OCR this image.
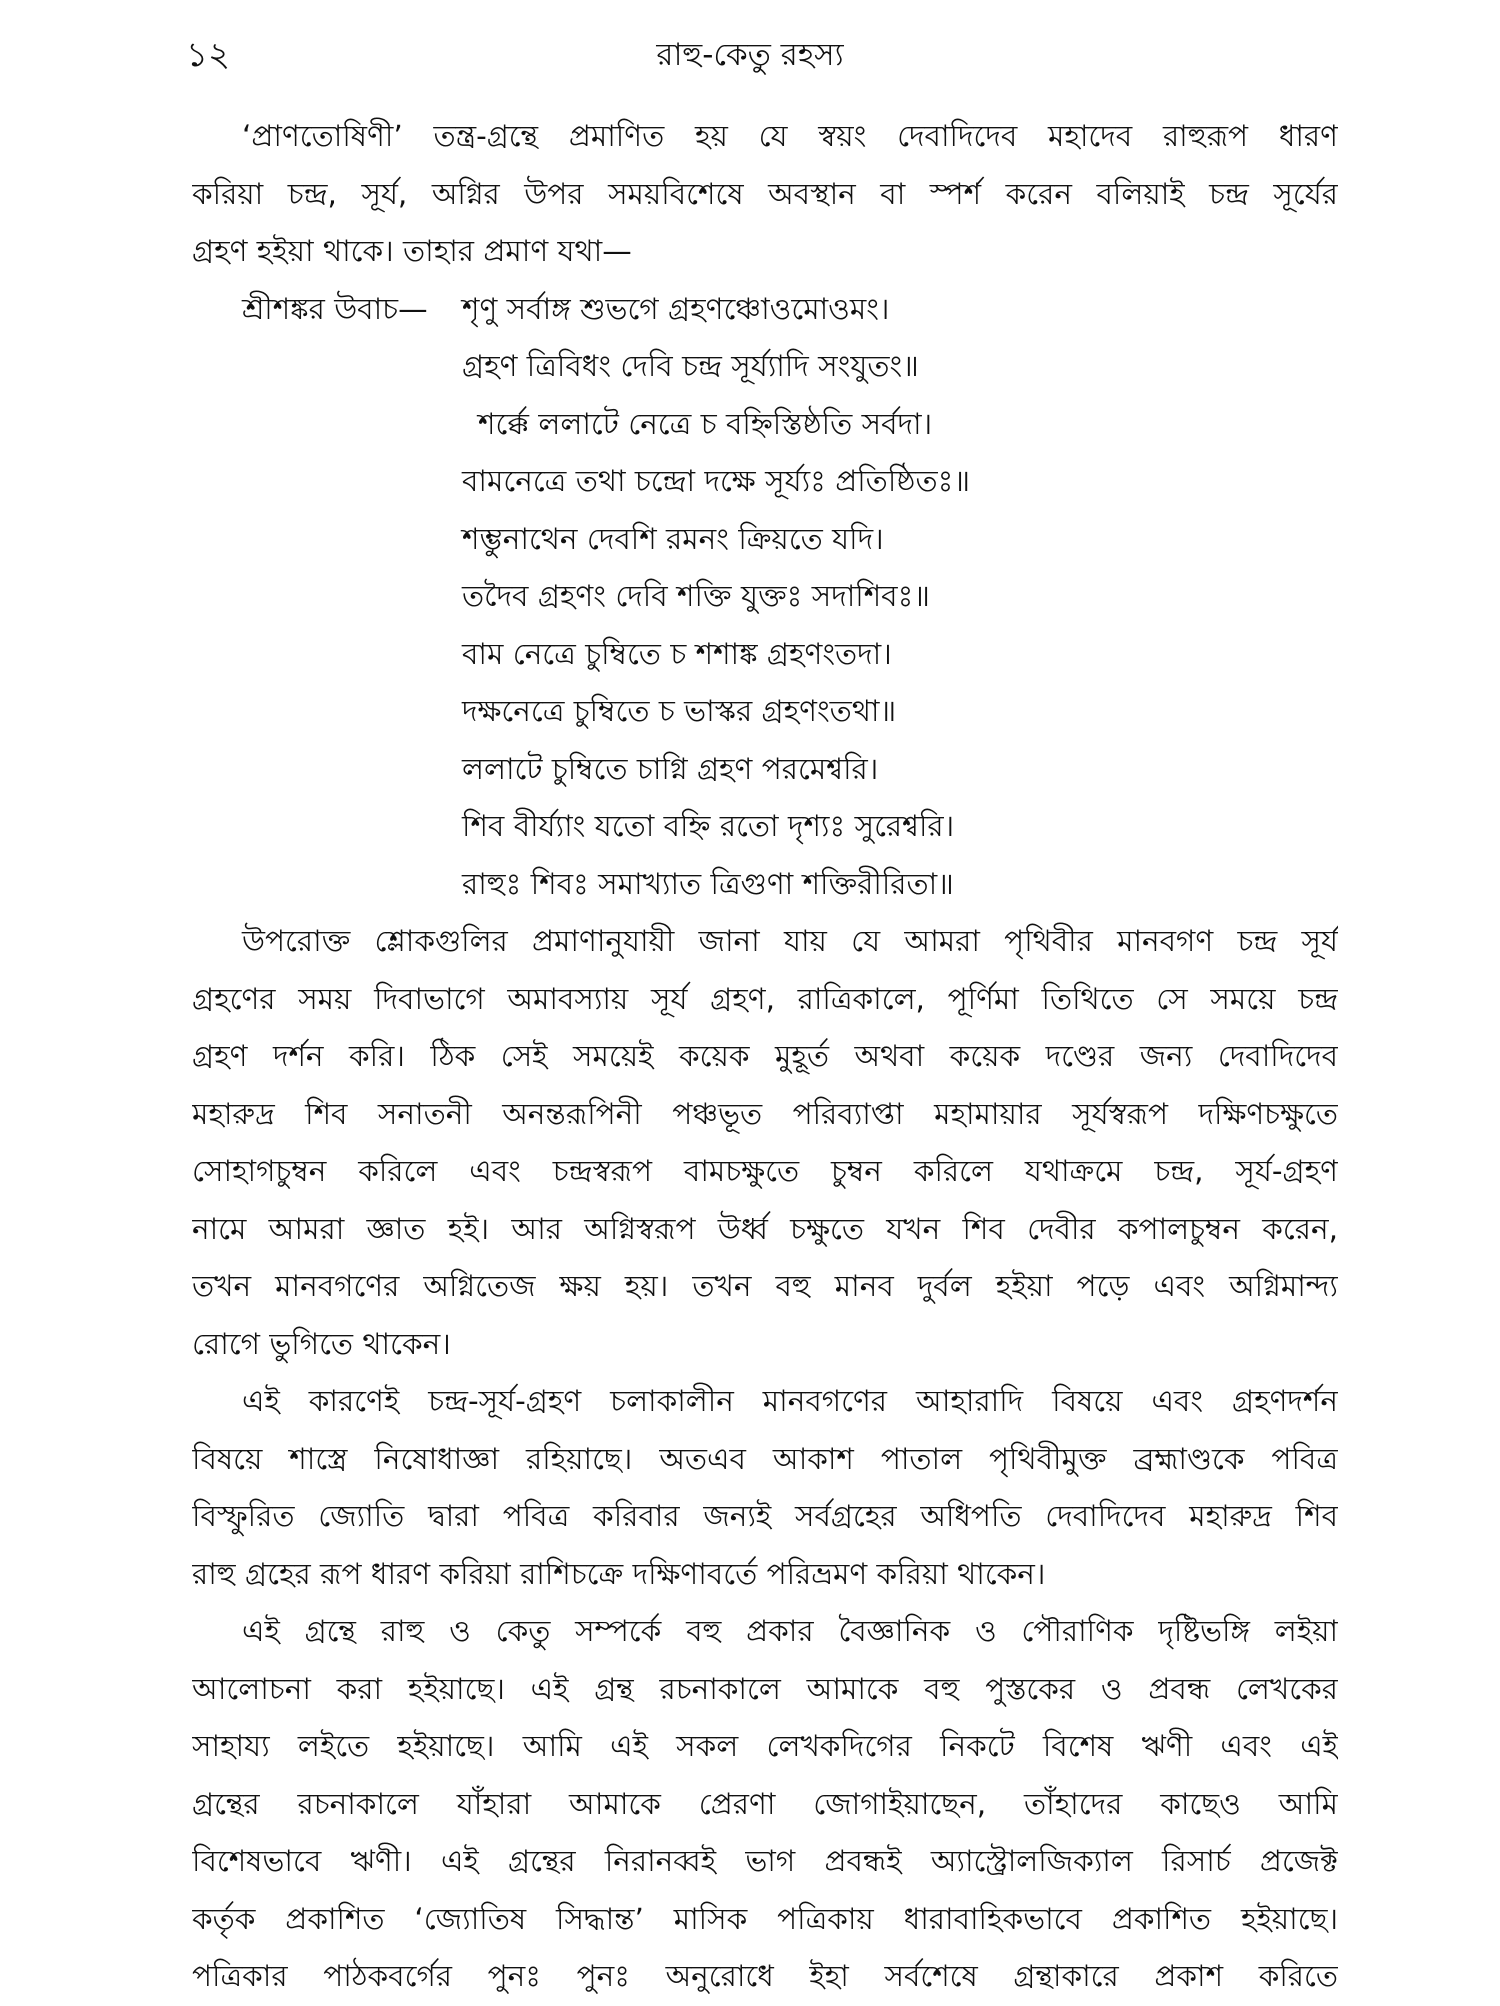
১২	রাহু-কেতু রহস্য
‘প্রাণতোষিণী’ তন্ত্র-গ্রন্থে প্রমাণিত হয় যে স্বয়ং দেবাদিদেব মহাদেব রাহুরূপ ধারণ
করিয়া চন্দ্র, সূর্য, অগ্নির উপর সময়বিশেষে অবস্থান বা স্পর্শ করেন বলিয়াই চন্দ্র সূর্যের
গ্রহণ হইয়া থাকে। তাহার প্রমাণ যথা—
শ্রীশঙ্কর উবাচ— শৃণু সর্বাঙ্গ শুভগে গ্রহণঞ্চোওমোওমং।
গ্রহণ ত্রিবিধং দেবি চন্দ্র সূর্য্যাদি সংযুতং॥
শর্ক্কে ললাটে নেত্রে চ বহ্নিস্তিষ্ঠতি সর্বদা।
বামনেত্রে তথা চন্দ্রো দক্ষে সূর্য্যঃ প্রতিষ্ঠিতঃ॥
শম্ভুনাথেন দেবশি রমনং ক্রিয়তে যদি।
তদৈব গ্রহণং দেবি শক্তি যুক্তঃ সদাশিবঃ॥
বাম নেত্রে চুম্বিতে চ শশাঙ্ক গ্রহণংতদা।
দক্ষনেত্রে চুম্বিতে চ ভাস্কর গ্রহণংতথা॥
ললাটে চুম্বিতে চাগ্নি গ্রহণ পরমেশ্বরি।
শিব বীর্য্যাং যতো বহ্নি রতো দৃশ্যঃ সুরেশ্বরি।
রাহুঃ শিবঃ সমাখ্যাত ত্রিগুণা শক্তিরীরিতা॥
উপরোক্ত শ্লোকগুলির প্রমাণানুযায়ী জানা যায় যে আমরা পৃথিবীর মানবগণ চন্দ্র সূর্য
গ্রহণের সময় দিবাভাগে অমাবস্যায় সূর্য গ্রহণ, রাত্রিকালে, পূর্ণিমা তিথিতে সে সময়ে চন্দ্র
গ্রহণ দর্শন করি। ঠিক সেই সময়েই কয়েক মুহূর্ত অথবা কয়েক দণ্ডের জন্য দেবাদিদেব
মহারুদ্র শিব সনাতনী অনন্তরূপিনী পঞ্চভূত পরিব্যাপ্তা মহামায়ার সূর্যস্বরূপ দক্ষিণচক্ষুতে
সোহাগচুম্বন করিলে এবং চন্দ্রস্বরূপ বামচক্ষুতে চুম্বন করিলে যথাক্রমে চন্দ্র, সূর্য-গ্রহণ
নামে আমরা জ্ঞাত হই। আর অগ্নিস্বরূপ উর্ধ্ব চক্ষুতে যখন শিব দেবীর কপালচুম্বন করেন,
তখন মানবগণের অগ্নিতেজ ক্ষয় হয়। তখন বহু মানব দুর্বল হইয়া পড়ে এবং অগ্নিমান্দ্য
রোগে ভুগিতে থাকেন।
এই কারণেই চন্দ্র-সূর্য-গ্রহণ চলাকালীন মানবগণের আহারাদি বিষয়ে এবং গ্রহণদর্শন
বিষয়ে শাস্ত্রে নিষোধাজ্ঞা রহিয়াছে। অতএব আকাশ পাতাল পৃথিবীমুক্ত ব্রহ্মাণ্ডকে পবিত্র
বিস্ফুরিত জ্যোতি দ্বারা পবিত্র করিবার জন্যই সর্বগ্রহের অধিপতি দেবাদিদেব মহারুদ্র শিব
রাহু গ্রহের রূপ ধারণ করিয়া রাশিচক্রে দক্ষিণাবর্তে পরিভ্রমণ করিয়া থাকেন।
এই গ্রন্থে রাহু ও কেতু সম্পর্কে বহু প্রকার বৈজ্ঞানিক ও পৌরাণিক দৃষ্টিভঙ্গি লইয়া
আলোচনা করা হইয়াছে। এই গ্রন্থ রচনাকালে আমাকে বহু পুস্তকের ও প্রবন্ধ লেখকের
সাহায্য লইতে হইয়াছে। আমি এই সকল লেখকদিগের নিকটে বিশেষ ঋণী এবং এই
গ্রন্থের রচনাকালে যাঁহারা আমাকে প্রেরণা জোগাইয়াছেন, তাঁহাদের কাছেও আমি
বিশেষভাবে ঋণী। এই গ্রন্থের নিরানব্বই ভাগ প্রবন্ধই অ্যাস্ট্রোলজিক্যাল রিসার্চ প্রজেক্ট
কর্তৃক প্রকাশিত ‘জ্যোতিষ সিদ্ধান্ত’ মাসিক পত্রিকায় ধারাবাহিকভাবে প্রকাশিত হইয়াছে।
পত্রিকার পাঠকবর্গের পুনঃ পুনঃ অনুরোধে ইহা সর্বশেষে গ্রন্থাকারে প্রকাশ করিতে
